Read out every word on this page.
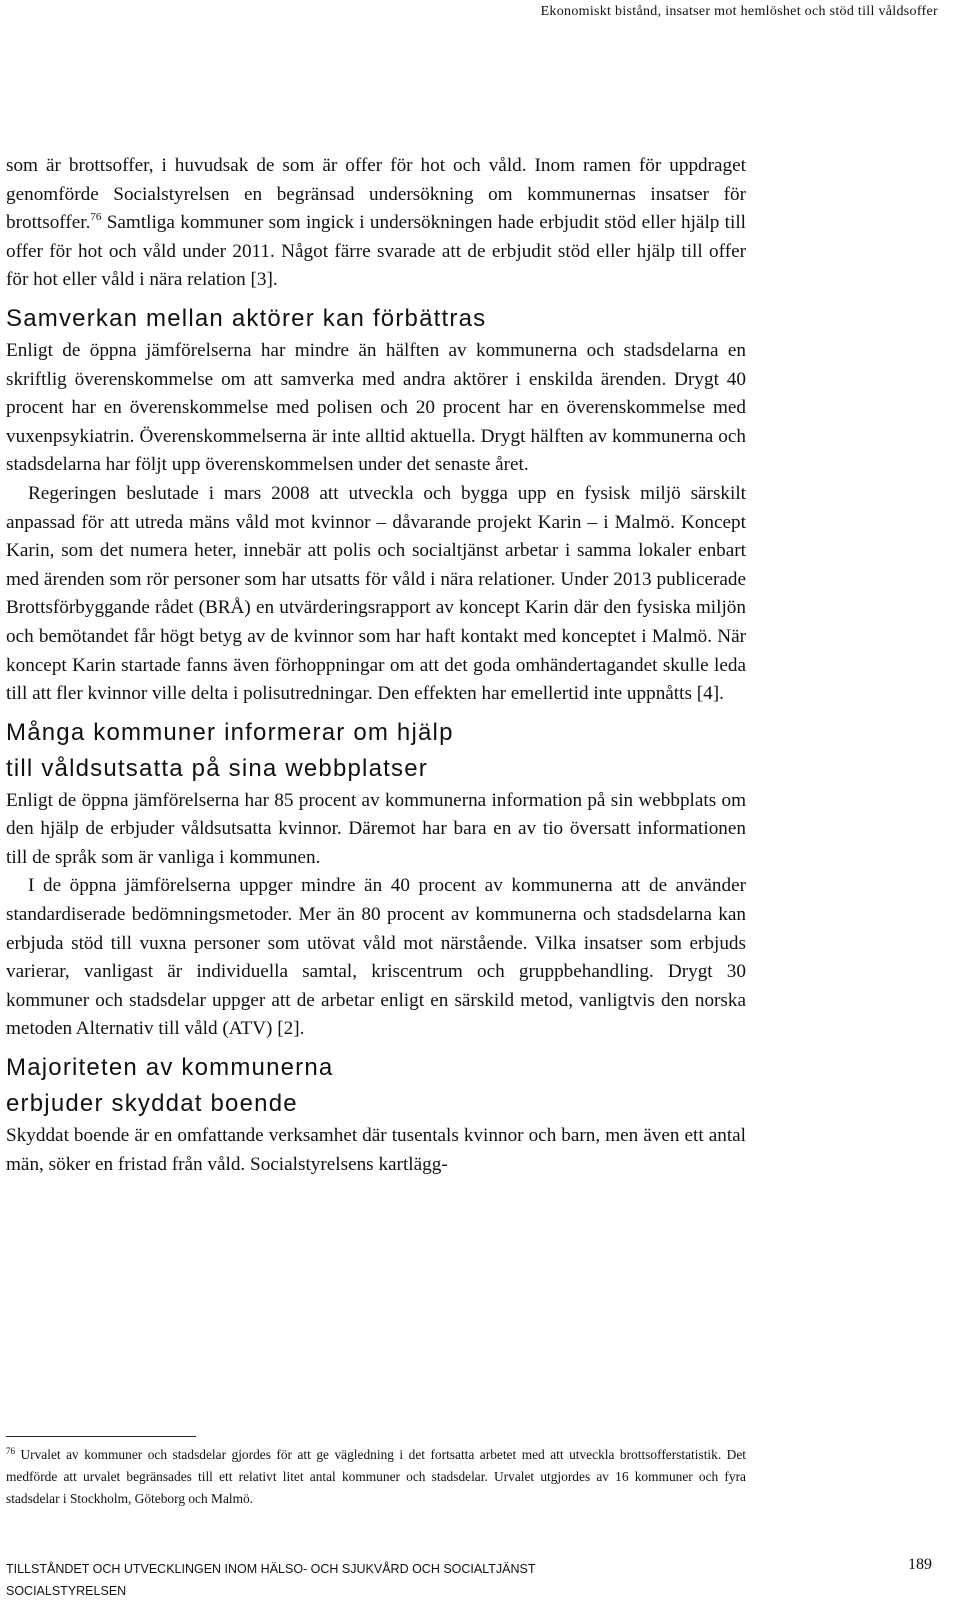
Ekonomiskt bistånd, insatser mot hemlöshet och stöd till våldsoffer

som är brottsoffer, i huvudsak de som är offer för hot och våld. Inom ramen för uppdraget genomförde Socialstyrelsen en begränsad undersökning om kommunernas insatser för brottsoffer.$^{76}$ Samtliga kommuner som ingick i undersökningen hade erbjudit stöd eller hjälp till offer för hot och våld under 2011. Något färre svarade att de erbjudit stöd eller hjälp till offer för hot eller våld i nära relation [3].

Samverkan mellan aktörer kan förbättras

Enligt de öppna jämförelserna har mindre än hälften av kommunerna och stadsdelarna en skriftlig överenskommelse om att samverka med andra aktörer i enskilda ärenden. Drygt 40 procent har en överenskommelse med polisen och 20 procent har en överenskommelse med vuxenpsykiatrin. Överenskommelserna är inte alltid aktuella. Drygt hälften av kommunerna och stadsdelarna har följt upp överenskommelsen under det senaste året.

Regeringen beslutade i mars 2008 att utveckla och bygga upp en fysisk miljö särskilt anpassad för att utreda mäns våld mot kvinnor – dåvarande projekt Karin – i Malmö. Koncept Karin, som det numera heter, innebär att polis och socialtjänst arbetar i samma lokaler enbart med ärenden som rör personer som har utsatts för våld i nära relationer. Under 2013 publicerade Brottsförbyggande rådet (BRÅ) en utvärderingsrapport av koncept Karin där den fysiska miljön och bemötandet får högt betyg av de kvinnor som har haft kontakt med konceptet i Malmö. När koncept Karin startade fanns även förhoppningar om att det goda omhändertagandet skulle leda till att fler kvinnor ville delta i polisutredningar. Den effekten har emellertid inte uppnåtts [4].

Många kommuner informerar om hjälp
till våldsutsatta på sina webbplatser

Enligt de öppna jämförelserna har 85 procent av kommunerna information på sin webbplats om den hjälp de erbjuder våldsutsatta kvinnor. Däremot har bara en av tio översatt informationen till de språk som är vanliga i kommunen.

I de öppna jämförelserna uppger mindre än 40 procent av kommunerna att de använder standardiserade bedömningsmetoder. Mer än 80 procent av kommunerna och stadsdelarna kan erbjuda stöd till vuxna personer som utövat våld mot närstående. Vilka insatser som erbjuds varierar, vanligast är individuella samtal, kriscentrum och gruppbehandling. Drygt 30 kommuner och stadsdelar uppger att de arbetar enligt en särskild metod, vanligtvis den norska metoden Alternativ till våld (ATV) [2].

Majoriteten av kommunerna
erbjuder skyddat boende

Skyddat boende är en omfattande verksamhet där tusentals kvinnor och barn, men även ett antal män, söker en fristad från våld. Socialstyrelsens kartlägg-

$^{76}$ Urvalet av kommuner och stadsdelar gjordes för att ge vägledning i det fortsatta arbetet med att utveckla brottsofferstatistik. Det medförde att urvalet begränsades till ett relativt litet antal kommuner och stadsdelar. Urvalet utgjordes av 16 kommuner och fyra stadsdelar i Stockholm, Göteborg och Malmö.
TILLSTÅNDET OCH UTVECKLINGEN INOM HÄLSO- OCH SJUKVÅRD OCH SOCIALTJÄNST
SOCIALSTYRELSEN
189
